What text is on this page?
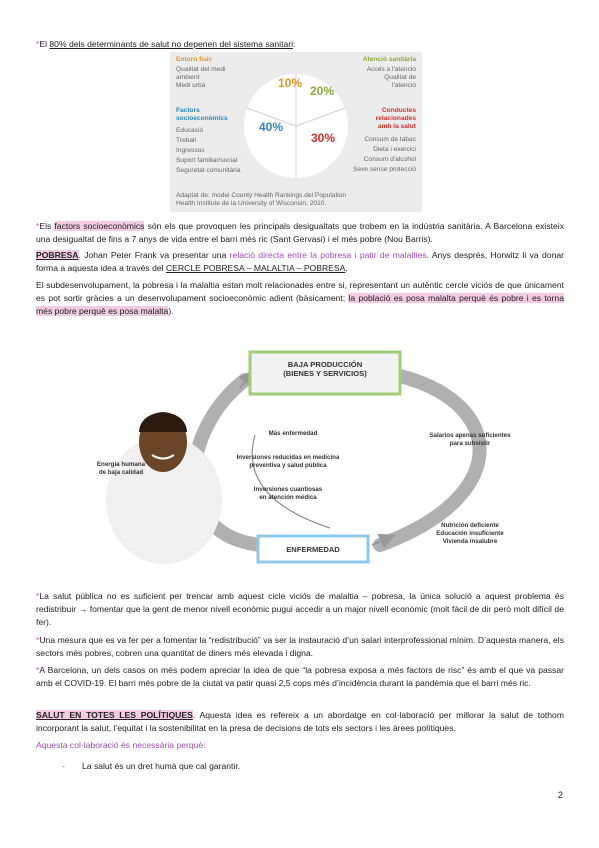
*El 80% dels determinants de salut no depenen del sistema sanitari:

Entorn físic
Qualitat del medi
ambient
Medi urbà
Factors
socioeconòmics
Educació
Treball
Ingressos
Suport familiar/social
Seguretat comunitària
Atenció sanitària
Accés a l'atenció
Qualitat de
l'atenció
Conductes
relacionades
amb la salut
Consum de tabac
Dieta i exercici
Consum d'alcohol
Sexe sense protecció
10%
20%
40%
30%
Adaptat de: model County Health Rankings del Population
Health Institute de la University of Wisconsin, 2010.

*Els factors socioeconòmics són els que provoquen les principals desigualtats que trobem en la indústria sanitària. A Barcelona existeix una desigualtat de fins a 7 anys de vida entre el barri més ric (Sant Gervasi) i el més pobre (Nou Barris).

POBRESA. Johan Peter Frank va presentar una relació directa entre la pobresa i patir de malalties. Anys després, Horwitz li va donar forma a aquesta idea a través del CERCLE POBRESA – MALALTIA – POBRESA.

El subdesenvolupament, la pobresa i la malaltia estan molt relacionades entre si, representant un autèntic cercle viciós de que únicament es pot sortir gràcies a un desenvolupament socioeconòmic adient (bàsicament; la població es posa malalta perquè és pobre i es torna més pobre perquè es posa malalta).

BAJA PRODUCCIÓN
(BIENES Y SERVICIOS)
ENFERMEDAD
Energía humana
de baja calidad
Más enfermedad
Inversiones reducidas en medicina
preventiva y salud pública
Inversiones cuantiosas
en atención médica
Salarios apenas suficientes
para subsistir
Nutrición deficiente
Educación insuficiente
Vivienda insalubre

*La salut pública no es suficient per trencar amb aquest cicle viciós de malaltia – pobresa, la única solució a aquest problema és redistribuir → fomentar que la gent de menor nivell econòmic pugui accedir a un major nivell econòmic (molt fàcil de dir però molt difícil de fer).

*Una mesura que es va fer per a fomentar la “redistribució” va ser la instauració d’un salari interprofessional mínim. D’aquesta manera, els sectors més pobres, cobren una quantitat de diners més elevada i digna.

*A Barcelona, un dels casos on més podem apreciar la idea de que “la pobresa exposa a més factors de risc” és amb el que va passar amb el COVID-19. El barri més pobre de la ciutat va patir quasi 2,5 cops més d’incidència durant la pandèmia que el barri més ric.

SALUT EN TOTES LES POLÍTIQUES. Aquesta idea es refereix a un abordatge en col·laboració per millorar la salut de tothom incorporant la salut, l’equitat i la sostenibilitat en la presa de decisions de tots els sectors i les àrees polítiques.

Aquesta col·laboració és necessària perquè:

- La salut és un dret humà que cal garantir.

2
